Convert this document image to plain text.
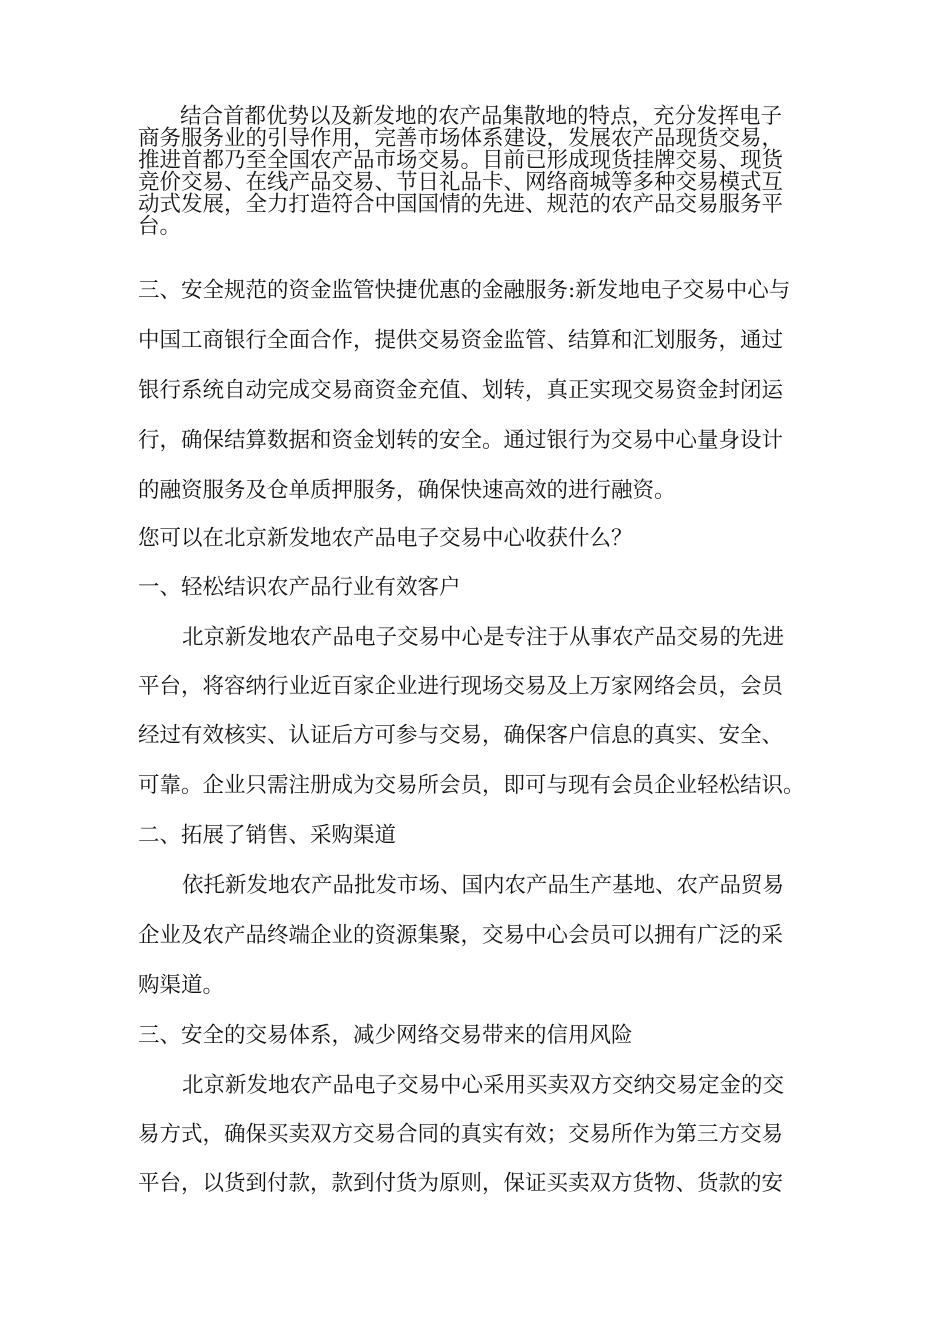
结合首都优势以及新发地的农产品集散地的特点，充分发挥电子
商务服务业的引导作用，完善市场体系建设，发展农产品现货交易，
推进首都乃至全国农产品市场交易。目前已形成现货挂牌交易、现货
竞价交易、在线产品交易、节日礼品卡、网络商城等多种交易模式互
动式发展，全力打造符合中国国情的先进、规范的农产品交易服务平
台。
三、安全规范的资金监管快捷优惠的金融服务:新发地电子交易中心与
中国工商银行全面合作，提供交易资金监管、结算和汇划服务，通过
银行系统自动完成交易商资金充值、划转，真正实现交易资金封闭运
行，确保结算数据和资金划转的安全。通过银行为交易中心量身设计
的融资服务及仓单质押服务，确保快速高效的进行融资。
您可以在北京新发地农产品电子交易中心收获什么？
一、轻松结识农产品行业有效客户
北京新发地农产品电子交易中心是专注于从事农产品交易的先进
平台，将容纳行业近百家企业进行现场交易及上万家网络会员，会员
经过有效核实、认证后方可参与交易，确保客户信息的真实、安全、
可靠。企业只需注册成为交易所会员，即可与现有会员企业轻松结识。
二、拓展了销售、采购渠道
依托新发地农产品批发市场、国内农产品生产基地、农产品贸易
企业及农产品终端企业的资源集聚，交易中心会员可以拥有广泛的采
购渠道。
三、安全的交易体系，减少网络交易带来的信用风险
北京新发地农产品电子交易中心采用买卖双方交纳交易定金的交
易方式，确保买卖双方交易合同的真实有效；交易所作为第三方交易
平台，以货到付款，款到付货为原则，保证买卖双方货物、货款的安
